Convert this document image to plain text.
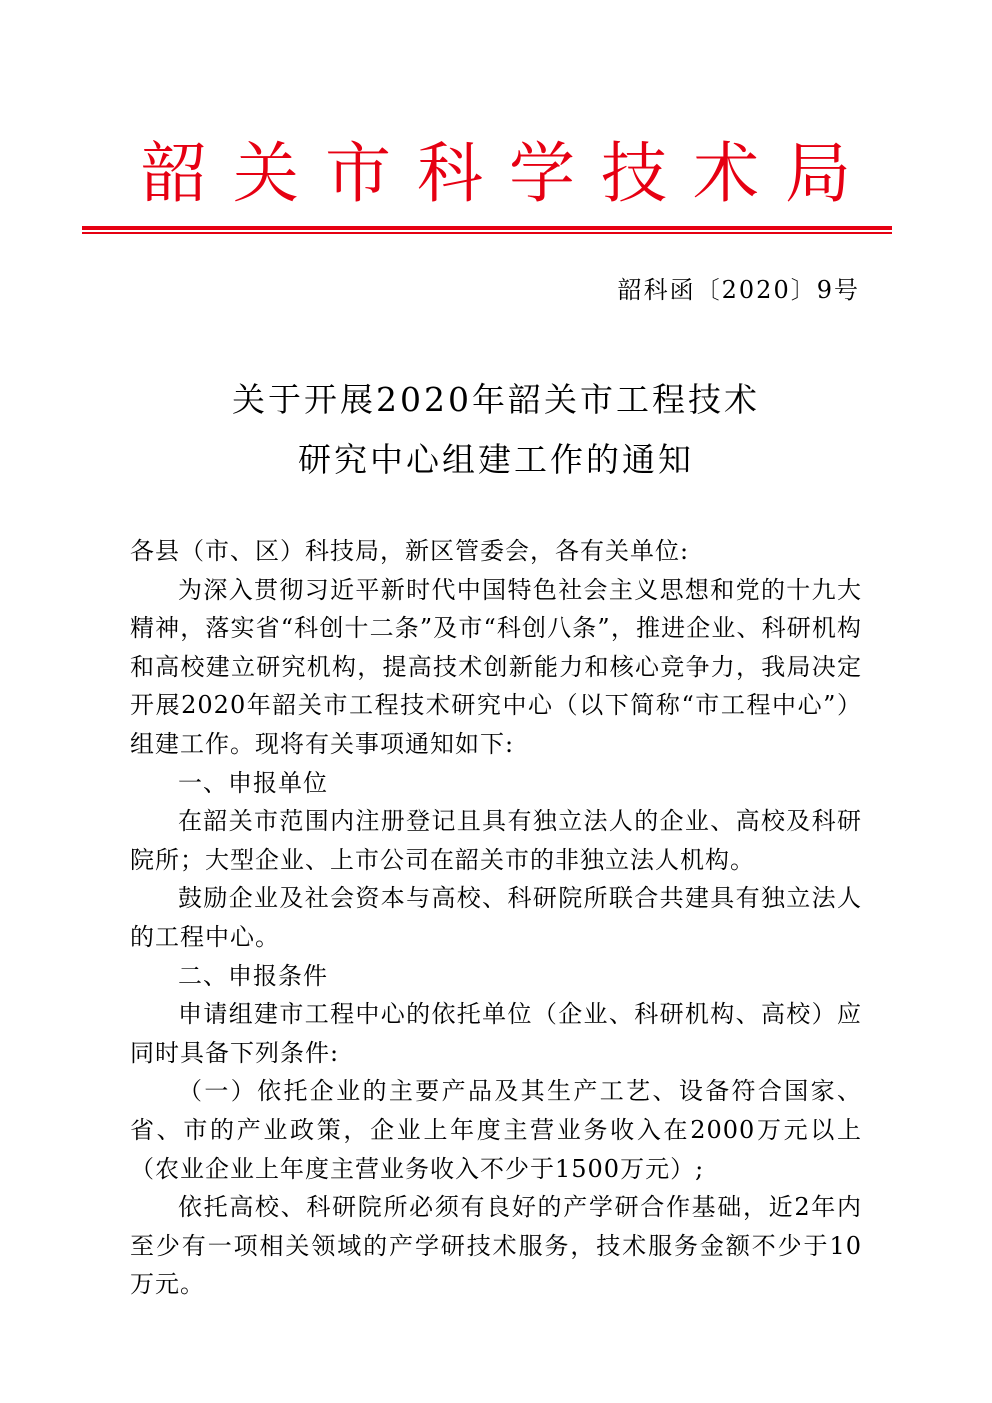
韶关市科学技术局
韶科函〔2020〕9号
关于开展2020年韶关市工程技术
研究中心组建工作的通知

各县（市、区）科技局，新区管委会，各有关单位:

为深入贯彻习近平新时代中国特色社会主义思想和党的十九大精神，落实省“科创十二条”及市“科创八条”，推进企业、科研机构和高校建立研究机构，提高技术创新能力和核心竞争力，我局决定开展2020年韶关市工程技术研究中心（以下简称“市工程中心”）组建工作。现将有关事项通知如下:

一、申报单位

在韶关市范围内注册登记且具有独立法人的企业、高校及科研院所；大型企业、上市公司在韶关市的非独立法人机构。

鼓励企业及社会资本与高校、科研院所联合共建具有独立法人的工程中心。

二、申报条件

申请组建市工程中心的依托单位（企业、科研机构、高校）应同时具备下列条件:

（一）依托企业的主要产品及其生产工艺、设备符合国家、省、市的产业政策，企业上年度主营业务收入在2000万元以上（农业企业上年度主营业务收入不少于1500万元）;

依托高校、科研院所必须有良好的产学研合作基础，近2年内至少有一项相关领域的产学研技术服务，技术服务金额不少于10万元。
